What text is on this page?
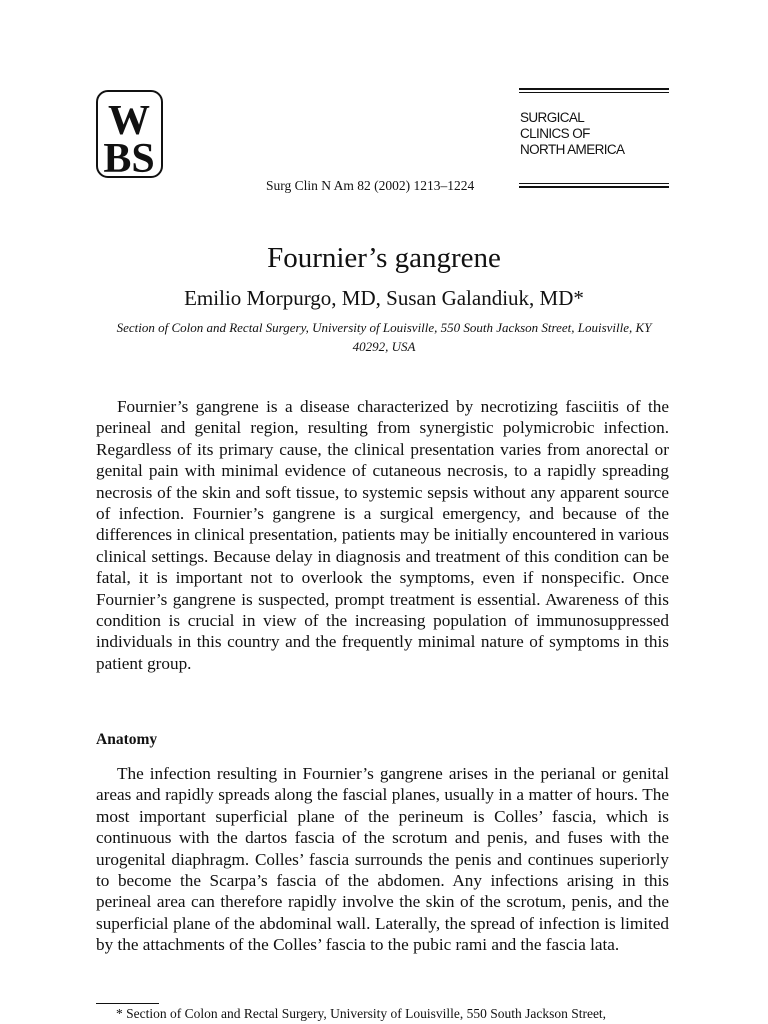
W
BS
SURGICAL
CLINICS OF
NORTH AMERICA
Surg Clin N Am 82 (2002) 1213–1224
Fournier’s gangrene
Emilio Morpurgo, MD, Susan Galandiuk, MD*
Section of Colon and Rectal Surgery, University of Louisville, 550 South Jackson Street, Louisville, KY 40292, USA

Fournier’s gangrene is a disease characterized by necrotizing fasciitis of the perineal and genital region, resulting from synergistic polymicrobic infection. Regardless of its primary cause, the clinical presentation varies from anorectal or genital pain with minimal evidence of cutaneous necrosis, to a rapidly spreading necrosis of the skin and soft tissue, to systemic sepsis without any apparent source of infection. Fournier’s gangrene is a surgical emergency, and because of the differences in clinical presentation, patients may be initially encountered in various clinical settings. Because delay in diagnosis and treatment of this condition can be fatal, it is important not to overlook the symptoms, even if nonspecific. Once Fournier’s gangrene is suspected, prompt treatment is essential. Awareness of this condition is crucial in view of the increasing population of immunosuppressed individuals in this country and the frequently minimal nature of symptoms in this patient group.

Anatomy

The infection resulting in Fournier’s gangrene arises in the perianal or genital areas and rapidly spreads along the fascial planes, usually in a matter of hours. The most important superficial plane of the perineum is Colles’ fascia, which is continuous with the dartos fascia of the scrotum and penis, and fuses with the urogenital diaphragm. Colles’ fascia surrounds the penis and continues superiorly to become the Scarpa’s fascia of the abdomen. Any infections arising in this perineal area can therefore rapidly involve the skin of the scrotum, penis, and the superficial plane of the abdominal wall. Laterally, the spread of infection is limited by the attachments of the Colles’ fascia to the pubic rami and the fascia lata.

* Section of Colon and Rectal Surgery, University of Louisville, 550 South Jackson Street,
